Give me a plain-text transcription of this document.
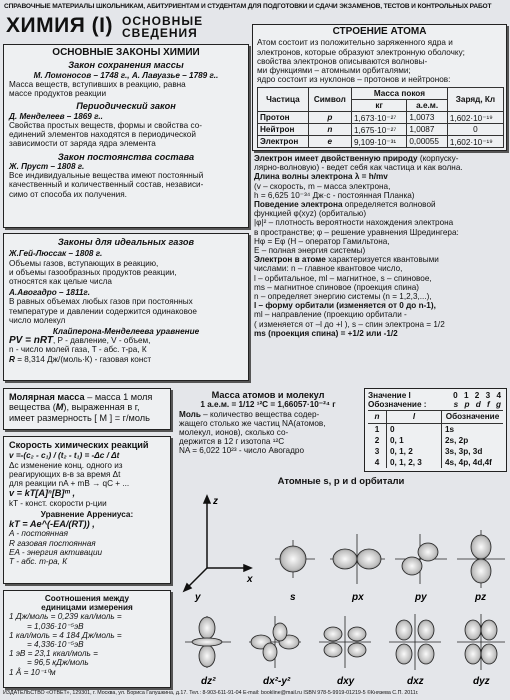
СПРАВОЧНЫЕ МАТЕРИАЛЫ ШКОЛЬНИКАМ, АБИТУРИЕНТАМ И СТУДЕНТАМ ДЛЯ ПОДГОТОВКИ И СДАЧИ ЭКЗАМЕНОВ, ТЕСТОВ И КОНТРОЛЬНЫХ РАБОТ
ХИМИЯ (I) ОСНОВНЫЕ
СВЕДЕНИЯ

ОСНОВНЫЕ ЗАКОНЫ ХИМИИ

Закон сохранения массы

М. Ломоносов – 1748 г., А. Лавуазье – 1789 г..

Масса веществ, вступивших в реакцию, равна

массе продуктов реакции

Периодический закон

Д. Менделеев – 1869 г..

Свойства простых веществ, формы и свойства со-

единений элементов находятся в периодической

зависимости от заряда ядра элемента

Закон постоянства состава

Ж. Пруст – 1808 г.

Все индивидуальные вещества имеют постоянный

качественный и количественный состав, независи-

симо от способа их получения.

Законы для идеальных газов

Ж.Гей-Люссак – 1808 г.

Объемы газов, вступающих в реакцию,

и объемы газообразных продуктов реакции,

относятся как целые числа

А.Авогадро – 1811г.

В равных объемах любых газов при постоянных

температуре и давлении содержится одинаковое

число молекул

Клайперона-Менделеева уравнение

PV = nRT, P - давление, V - объем,

n - число молей газа, T - абс. т-ра, К

R = 8,314 Дж/(моль·К) - газовая конст

Молярная масса – масса 1 моля

вещества (M), выраженная в г,

имеет размерность [ M ] = г/моль

Скорость химических реакций

v =-(c₂ - c₁) / (t₂ - t₁) = -Δc / Δt

Δc изменение конц. одного из

реагирующих в-в за время Δt

для реакции nA + mB → qC + ...

v = kT[A]ⁿ[B]ᵐ ,

kT - конст. скорости р-ции

Уравнение Аррениуса:

kT = Ae^(-EA/(RT)) ,

A - постоянная

R газовая постоянная

EA - энергия активации

T - абс. т-ра, К

Соотношения между

единицами измерения

1 Дж/моль = 0,239 кал/моль =

= 1,036·10⁻⁵эВ

1 кал/моль = 4 184 Дж/моль =

= 4,336·10⁻⁵эВ

1 эВ = 23,1 ккал/моль =

= 96,5 кДж/моль

1 Å = 10⁻¹⁰м

СТРОЕНИЕ АТОМА

Атом состоит из положительно заряженного ядра и

электронов, которые образуют электронную оболочку;

свойства электронов описываются волновы-

ми функциями – атомными орбиталями;

ядро состоит из нуклонов – протонов и нейтронов:

Частица	Символ	Масса покоя		Заряд, Кл
		кг	а.е.м.	
Протон	p	1,673·10⁻²⁷	1,0073	1,602·10⁻¹⁹
Нейтрон	n	1,675·10⁻²⁷	1,0087	0
Электрон	e	9,109·10⁻³¹	0,00055	1,602·10⁻¹⁹

Электрон имеет двойственную природу (корпуску-

лярно-волновую) - ведет себя как частица и как волна.

Длина волны электрона λ = h/mv

(v – скорость, m – масса электрона,

h = 6,625 10⁻³⁴ Дж·с - постоянная Планка)

Поведение электрона определяется волновой

функцией φ(xyz) (орбиталью)

|φ|² – плотность вероятности нахождения электрона

в пространстве; φ – решение уравнения Шредингера:

Hφ = Eφ (H – оператор Гамильтона,

E – полная энергия системы)

Электрон в атоме характеризуется квантовыми

числами: n – главное квантовое число,

l – орбитальное, ml – магнитное, s – спиновое,

ms – магнитное спиновое (проекция спина)

n – определяет энергию системы (n = 1,2,3,...),

l – форму орбитали (изменяется от 0 до n-1),

ml – направление (проекцию орбитали -

( изменяется от –l до +l ), s – спин электрона = 1/2

ms (проекция спина) = +1/2 или -1/2

Масса атомов и молекул

1 а.е.м. = 1/12 ¹²C = 1,66057·10⁻²⁴ г

Моль – количество вещества содер-

жащего столько же частиц NA(атомов,

молекул, ионов), сколько со-

держится в 12 г изотопа ¹²C

NA = 6,022 10²³ - число Авогадро

Значение l	0 1 2 3 4
Обозначение :	s p d f g
n	l	Обозначение
1	0	1s
2	0, 1	2s, 2p
3	0, 1, 2	3s, 3p, 3d
4	0, 1, 2, 3	4s, 4p, 4d,4f
Атомные s, p и d орбитали
z
x
y	s	px	py	pz
dz²	dx²-y²	dxy	dxz	dyz
ИЗДАТЕЛЬСТВО «ОТВЕТ», 129301, г. Москва, ул. Бориса Галушкина, д.17. Тел.: 8-903-611-91-04 E-mail: bookline@mail.ru ISBN 978-5-9919-01219-5 ©Князева С.П. 2011г.
